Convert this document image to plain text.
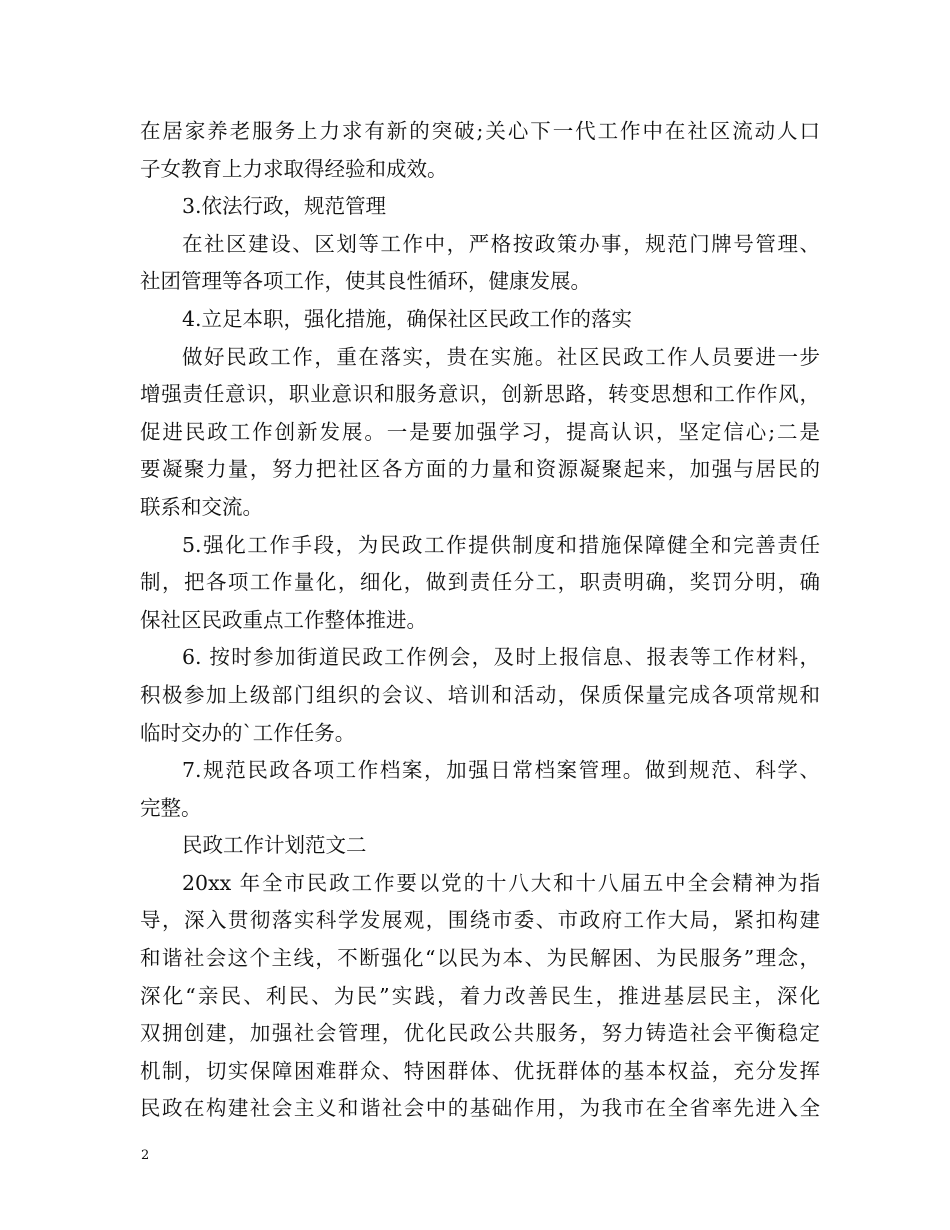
在居家养老服务上力求有新的突破;关心下一代工作中在社区流动人口
子女教育上力求取得经验和成效。
3.依法行政，规范管理
在社区建设、区划等工作中，严格按政策办事，规范门牌号管理、
社团管理等各项工作，使其良性循环，健康发展。
4.立足本职，强化措施，确保社区民政工作的落实
做好民政工作，重在落实，贵在实施。社区民政工作人员要进一步
增强责任意识，职业意识和服务意识，创新思路，转变思想和工作作风，
促进民政工作创新发展。一是要加强学习，提高认识，坚定信心;二是
要凝聚力量，努力把社区各方面的力量和资源凝聚起来，加强与居民的
联系和交流。
5.强化工作手段，为民政工作提供制度和措施保障健全和完善责任
制，把各项工作量化，细化，做到责任分工，职责明确，奖罚分明，确
保社区民政重点工作整体推进。
6. 按时参加街道民政工作例会，及时上报信息、报表等工作材料，
积极参加上级部门组织的会议、培训和活动，保质保量完成各项常规和
临时交办的`工作任务。
7.规范民政各项工作档案，加强日常档案管理。做到规范、科学、
完整。
民政工作计划范文二
20xx 年全市民政工作要以党的十八大和十八届五中全会精神为指
导，深入贯彻落实科学发展观，围绕市委、市政府工作大局，紧扣构建
和谐社会这个主线，不断强化“以民为本、为民解困、为民服务”理念，
深化“亲民、利民、为民”实践，着力改善民生，推进基层民主，深化
双拥创建，加强社会管理，优化民政公共服务，努力铸造社会平衡稳定
机制，切实保障困难群众、特困群体、优抚群体的基本权益，充分发挥
民政在构建社会主义和谐社会中的基础作用，为我市在全省率先进入全
2
